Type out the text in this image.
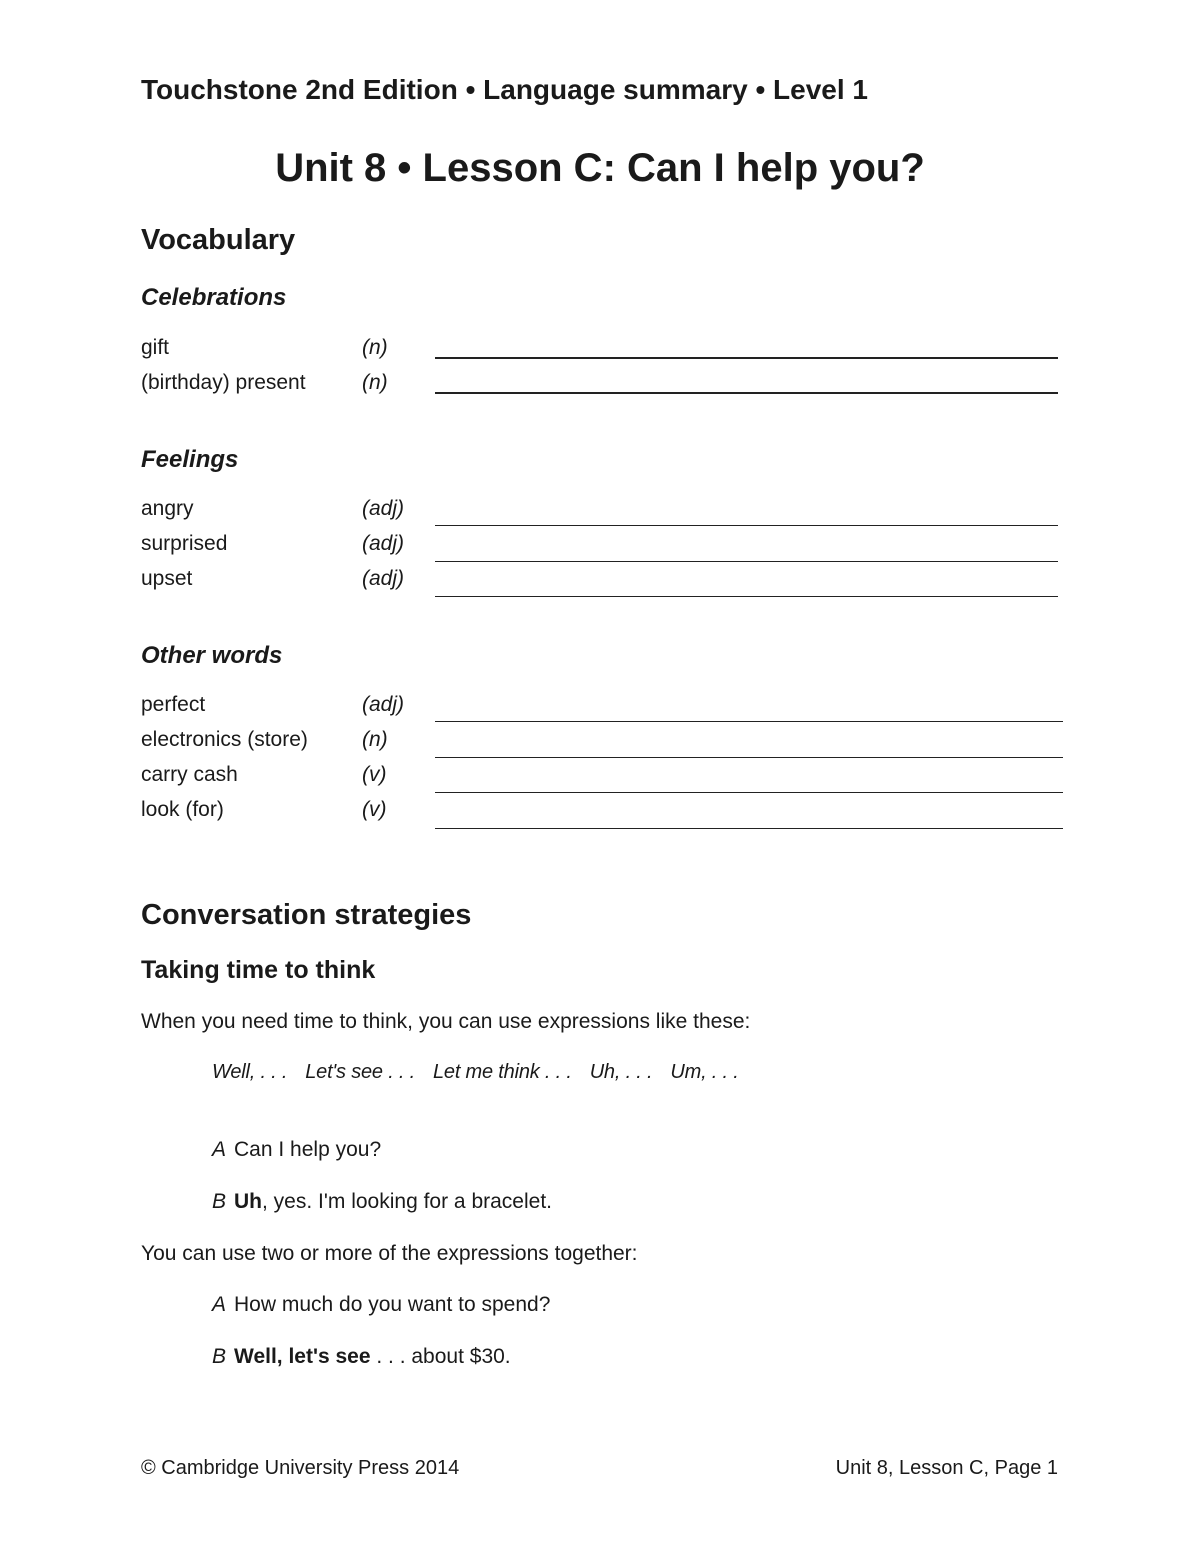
Touchstone 2nd Edition • Language summary • Level 1
Unit 8 • Lesson C: Can I help you?
Vocabulary
Celebrations
gift	(n)
(birthday) present	(n)
Feelings
angry	(adj)
surprised	(adj)
upset	(adj)
Other words
perfect	(adj)
electronics (store)	(n)
carry cash	(v)
look (for)	(v)
Conversation strategies
Taking time to think
When you need time to think, you can use expressions like these:
Well, . . . Let's see . . . Let me think . . . Uh, . . . Um, . . .
A Can I help you?
B Uh, yes. I'm looking for a bracelet.
You can use two or more of the expressions together:
A How much do you want to spend?
B Well, let's see . . . about $30.
© Cambridge University Press 2014	Unit 8, Lesson C, Page 1
